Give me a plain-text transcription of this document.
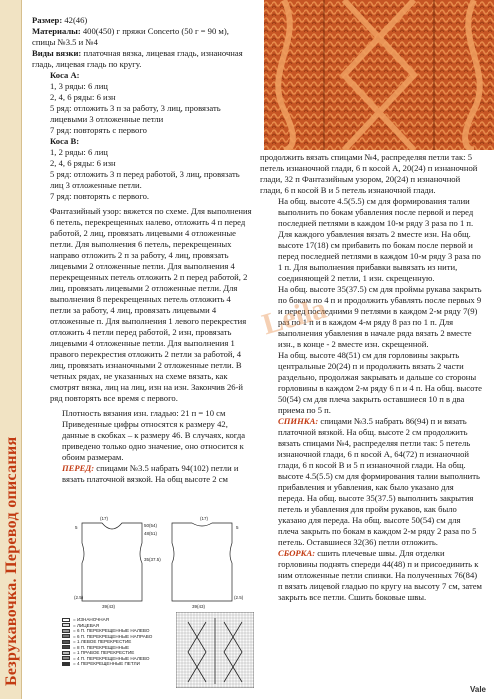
Безрукавочка. Перевод описания

Размер: 42(46)

Материалы: 400(450) г пряжи Concerto (50 г = 90 м), спицы №3.5 и №4

Виды вязки: платочная вязка, лицевая гладь, изнаночная гладь, лицевая гладь по кругу.

Коса А:

1, 3 ряды: 6 лиц

2, 4, 6 ряды: 6 изн

5 ряд: отложить 3 п за работу, 3 лиц, провязать лицевыми 3 отложенные петли

7 ряд: повторять с первого

Коса В:

1, 2 ряды: 6 лиц

2, 4, 6 ряды: 6 изн

5 ряд: отложить 3 п перед работой, 3 лиц, провязать лиц 3 отложенные петли.

7 ряд: повторять с первого.

Фантазийный узор: вяжется по схеме. Для выполнения 6 петель, перекрещенных налево, отложить 4 п перед работой, 2 лиц, провязать лицевыми 4 отложенные петли. Для выполнения 6 петель, перекрещенных направо отложить 2 п за работу, 4 лиц, провязать лицевыми 2 отложенные петли. Для выполнения 4 перекрещенных петель отложить 2 п перед работой, 2 лиц, провязать лицевыми 2 отложенные петли. Для выполнения 8 перекрещенных петель отложить 4 петли за работу, 4 лиц, провязать лицевыми 4 отложенные п. Для выполнения 1 левого перекрестия отложить 4 петли перед работой, 2 изн, провязать лицевыми 4 отложенные петли. Для выполнения 1 правого перекрестия отложить 2 петли за работой, 4 лиц, провязать изнаночными 2 отложенные петли. В четных рядах, не указанных на схеме вязать, как смотрят вязка, лиц на лиц, изн на изн. Закончив 26-й ряд повторять все время с первого.

Плотность вязания изн. гладью: 21 п = 10 см

Приведенные цифры относятся к размеру 42, данные в скобках – к размеру 46. В случаях, когда приведено только одно значение, оно относится к обоим размерам.

ПЕРЕД: спицами №3.5 набрать 94(102) петли и вязать платочной вязкой. На общ высоте 2 см

продолжить вязать спицами №4, распределяя петли так: 5 петель изнаночной глади, 6 п косой А, 20(24) п изнаночной глади, 32 п Фантазийным узором, 20(24) п изнаночной глади, 6 п косой В и 5 петель изнаночной глади.

На общ. высоте 4.5(5.5) см для формирования талии выполнить по бокам убавления после первой и перед последней петлями в каждом 10-м ряду 3 раза по 1 п. Для каждого убавления вязать 2 вместе изн. На общ. высоте 17(18) см прибавить по бокам после первой и перед последней петлями в каждом 10-м ряду 3 раза по 1 п. Для выполнения прибавки вывязать из нити, соединяющей 2 петли, 1 изн. скрещенную.

На общ. высоте 35(37.5) см для проймы рукава закрыть по бокам по 4 п и продолжить убавлять после первых 9 и перед последними 9 петлями в каждом 2-м ряду 7(9) раз по 1 п и в каждом 4-м ряду 8 раз по 1 п. Для выполнения убавления в начале ряда вязать 2 вместе изн., в конце - 2 вместе изн. скрещенной.

На общ. высоте 48(51) см для горловины закрыть центральные 20(24) п и продолжить вязать 2 части раздельно, продолжая закрывать и дальше со стороны горловины в каждом 2-м ряду 6 п и 4 п. На общ. высоте 50(54) см для плеча закрыть оставшиеся 10 п в два приема по 5 п.

СПИНКА: спицами №3.5 набрать 86(94) п и вязать платочной вязкой. На общ. высоте 2 см продолжить вязать спицами №4, распределяя петли так: 5 петель изнаночной глади, 6 п косой А, 64(72) п изнаночной глади, 6 п косой В и 5 п изнаночной глади. На общ. высоте 4.5(5.5) см для формирования талии выполнить прибавления и убавления, как было указано для переда. На общ. высоте 35(37.5) выполнить закрытия петель и убавления для пройм рукавов, как было указано для переда. На общ. высоте 50(54) см для плеча закрыть по бокам в каждом 2-м ряду 2 раза по 5 петель. Оставшиеся 32(36) петли отложить.

СБОРКА: сшить плечевые швы. Для отделки горловины поднять спереди 44(48) п и присоединить к ним отложенные петли спинки. На полученных 76(84) п вязать лицевой гладью по кругу на высоту 7 см, затем закрыть все петли. Сшить боковые швы.

Leila
(17)	(17)
5	5
50(54)
48(51)
35(37.5)
(2.5)	(2.5)
39(43)	39(43)
= ИЗНАНОЧНАЯ
= ЛИЦЕВАЯ
= 6 П. ПЕРЕКРЕЩЕННЫЕ НАЛЕВО
= 6 П. ПЕРЕКРЕЩЕННЫЕ НАПРАВО
= 1 ЛЕВОЕ ПЕРЕКРЕСТИЕ
= 8 П. ПЕРЕКРЕЩЕННЫЕ
= 1 ПРАВОЕ ПЕРЕКРЕСТИЕ
= 4 П. ПЕРЕКРЕЩЕННЫЕ НАЛЕВО
= 4 ПЕРЕКРЕЩЕННЫЕ ПЕТЛИ
Vale
